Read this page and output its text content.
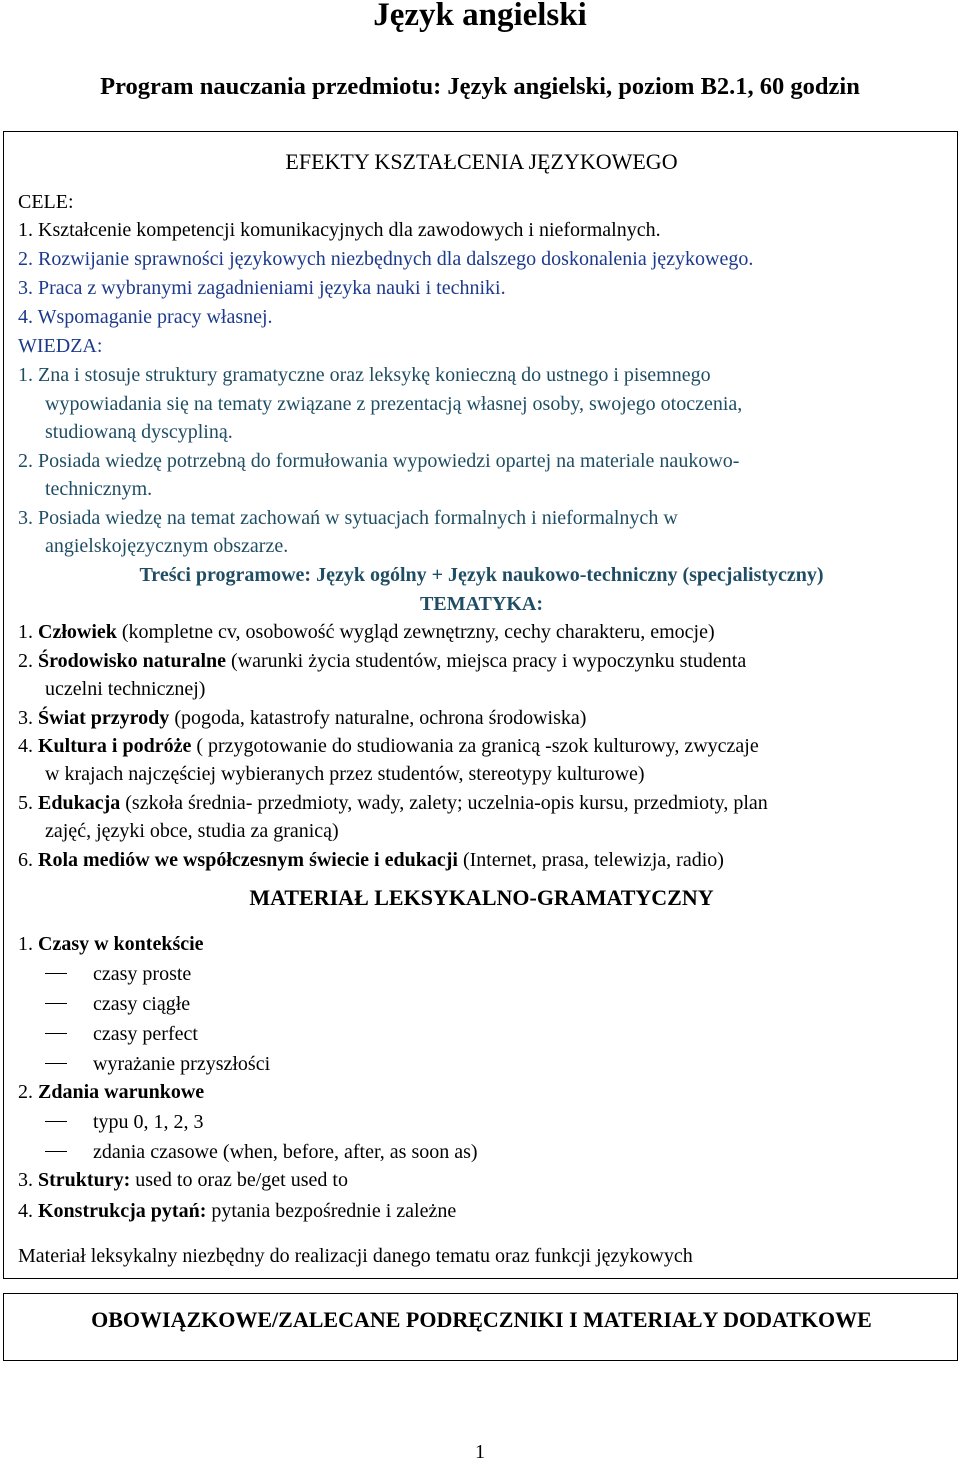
Język angielski
Program nauczania przedmiotu: Język angielski, poziom B2.1, 60 godzin
EFEKTY KSZTAŁCENIA JĘZYKOWEGO
CELE:
1. Kształcenie kompetencji komunikacyjnych dla zawodowych i nieformalnych.
2. Rozwijanie sprawności językowych niezbędnych dla dalszego doskonalenia językowego.
3. Praca z wybranymi zagadnieniami języka nauki i techniki.
4. Wspomaganie pracy własnej.
WIEDZA:
1. Zna i stosuje struktury gramatyczne oraz leksykę konieczną do ustnego i pisemnego
wypowiadania się na tematy związane z prezentacją własnej osoby, swojego otoczenia,
studiowaną dyscypliną.
2. Posiada wiedzę potrzebną do formułowania wypowiedzi opartej na materiale naukowo-
technicznym.
3. Posiada wiedzę na temat zachowań w sytuacjach formalnych i nieformalnych w
angielskojęzycznym obszarze.
Treści programowe: Język ogólny + Język naukowo-techniczny (specjalistyczny)
TEMATYKA:
1. Człowiek (kompletne cv, osobowość wygląd zewnętrzny, cechy charakteru, emocje)
2. Środowisko naturalne (warunki życia studentów, miejsca pracy i wypoczynku studenta
uczelni technicznej)
3. Świat przyrody (pogoda, katastrofy naturalne, ochrona środowiska)
4. Kultura i podróże ( przygotowanie do studiowania za granicą -szok kulturowy, zwyczaje
w krajach najczęściej wybieranych przez studentów, stereotypy kulturowe)
5. Edukacja (szkoła średnia- przedmioty, wady, zalety; uczelnia-opis kursu, przedmioty, plan
zajęć, języki obce, studia za granicą)
6. Rola mediów we współczesnym świecie i edukacji (Internet, prasa, telewizja, radio)
MATERIAŁ LEKSYKALNO-GRAMATYCZNY
1. Czasy w kontekście
czasy proste
czasy ciągłe
czasy perfect
wyrażanie przyszłości
2. Zdania warunkowe
typu 0, 1, 2, 3
zdania czasowe (when, before, after, as soon as)
3. Struktury: used to oraz be/get used to
4. Konstrukcja pytań: pytania bezpośrednie i zależne
Materiał leksykalny niezbędny do realizacji danego tematu oraz funkcji językowych
OBOWIĄZKOWE/ZALECANE PODRĘCZNIKI I MATERIAŁY DODATKOWE
1
